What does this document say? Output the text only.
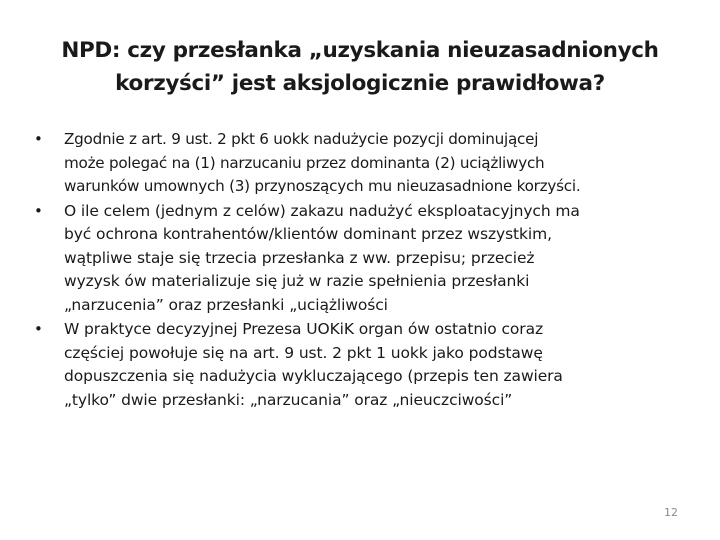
NPD: czy przesłanka „uzyskania nieuzasadnionych
korzyści” jest aksjologicznie prawidłowa?
•	Zgodnie z art. 9 ust. 2 pkt 6 uokk nadużycie pozycji dominującej
może polegać na (1) narzucaniu przez dominanta (2) uciążliwych
warunków umownych (3) przynoszących mu nieuzasadnione korzyści.
•	O ile celem (jednym z celów) zakazu nadużyć eksploatacyjnych ma
być ochrona kontrahentów/klientów dominant przez wszystkim,
wątpliwe staje się trzecia przesłanka z ww. przepisu; przecież
wyzysk ów materializuje się już w razie spełnienia przesłanki
„narzucenia” oraz przesłanki „uciążliwości
•	W praktyce decyzyjnej Prezesa UOKiK organ ów ostatnio coraz
częściej powołuje się na art. 9 ust. 2 pkt 1 uokk jako podstawę
dopuszczenia się nadużycia wykluczającego (przepis ten zawiera
„tylko” dwie przesłanki: „narzucania” oraz „nieuczciwości”
12
